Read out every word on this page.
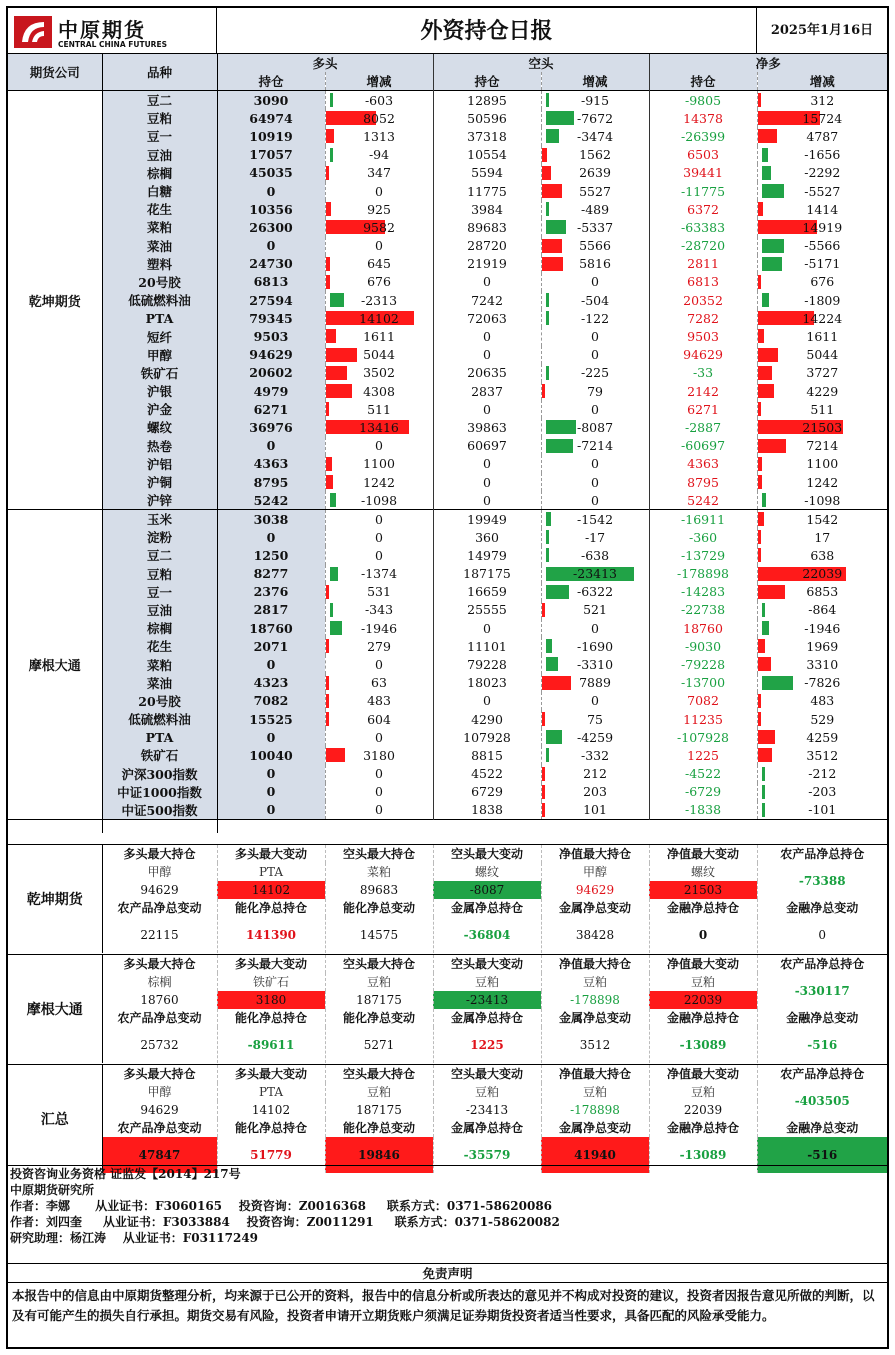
中原期货
CENTRAL CHINA FUTURES
外资持仓日报	2025年1月16日
期货公司	品种	多头		空头		净多	
		持仓	增减	持仓	增减	持仓	增减
乾坤期货	豆二	3090	-603	12895	-915	-9805	312
	豆粕	64974	8052	50596	-7672	14378	15724
	豆一	10919	1313	37318	-3474	-26399	4787
	豆油	17057	-94	10554	1562	6503	-1656
	棕榈	45035	347	5594	2639	39441	-2292
	白糖	0	0	11775	5527	-11775	-5527
	花生	10356	925	3984	-489	6372	1414
	菜粕	26300	9582	89683	-5337	-63383	14919
	菜油	0	0	28720	5566	-28720	-5566
	塑料	24730	645	21919	5816	2811	-5171
	20号胶	6813	676	0	0	6813	676
	低硫燃料油	27594	-2313	7242	-504	20352	-1809
	PTA	79345	14102	72063	-122	7282	14224
	短纤	9503	1611	0	0	9503	1611
	甲醇	94629	5044	0	0	94629	5044
	铁矿石	20602	3502	20635	-225	-33	3727
	沪银	4979	4308	2837	79	2142	4229
	沪金	6271	511	0	0	6271	511
	螺纹	36976	13416	39863	-8087	-2887	21503
	热卷	0	0	60697	-7214	-60697	7214
	沪铝	4363	1100	0	0	4363	1100
	沪铜	8795	1242	0	0	8795	1242
	沪锌	5242	-1098	0	0	5242	-1098
摩根大通	玉米	3038	0	19949	-1542	-16911	1542
	淀粉	0	0	360	-17	-360	17
	豆二	1250	0	14979	-638	-13729	638
	豆粕	8277	-1374	187175	-23413	-178898	22039
	豆一	2376	531	16659	-6322	-14283	6853
	豆油	2817	-343	25555	521	-22738	-864
	棕榈	18760	-1946	0	0	18760	-1946
	花生	2071	279	11101	-1690	-9030	1969
	菜粕	0	0	79228	-3310	-79228	3310
	菜油	4323	63	18023	7889	-13700	-7826
	20号胶	7082	483	0	0	7082	483
	低硫燃料油	15525	604	4290	75	11235	529
	PTA	0	0	107928	-4259	-107928	4259
	铁矿石	10040	3180	8815	-332	1225	3512
	沪深300指数	0	0	4522	212	-4522	-212
	中证1000指数	0	0	6729	203	-6729	-203
	中证500指数	0	0	1838	101	-1838	-101

乾坤期货	多头最大持仓	多头最大变动	空头最大持仓	空头最大变动	净值最大持仓	净值最大变动	农产品净总持仓
	甲醇	PTA	菜粕	螺纹	甲醇	螺纹	-73388
	94629	14102	89683	-8087	94629	21503	
	农产品净总变动	能化净总持仓	能化净总变动	金属净总持仓	金属净总变动	金融净总持仓	金融净总变动
	22115	141390	14575	-36804	38428	0	0
摩根大通	多头最大持仓	多头最大变动	空头最大持仓	空头最大变动	净值最大持仓	净值最大变动	农产品净总持仓
	棕榈	铁矿石	豆粕	豆粕	豆粕	豆粕	-330117
	18760	3180	187175	-23413	-178898	22039	
	农产品净总变动	能化净总持仓	能化净总变动	金属净总持仓	金属净总变动	金融净总持仓	金融净总变动
	25732	-89611	5271	1225	3512	-13089	-516
汇总	多头最大持仓	多头最大变动	空头最大持仓	空头最大变动	净值最大持仓	净值最大变动	农产品净总持仓
	甲醇	PTA	豆粕	豆粕	豆粕	豆粕	-403505
	94629	14102	187175	-23413	-178898	22039	
	农产品净总变动	能化净总持仓	能化净总变动	金属净总持仓	金属净总变动	金融净总持仓	金融净总变动
	47847	51779	19846	-35579	41940	-13089	-516
投资咨询业务资格 证监发【2014】217号
中原期货研究所
作者：李娜      从业证书：F3060165    投资咨询：Z0016368     联系方式：0371-58620086
作者：刘四奎     从业证书：F3033884    投资咨询：Z0011291     联系方式：0371-58620082
研究助理：杨江涛    从业证书：F03117249
免责声明
本报告中的信息由中原期货整理分析，均来源于已公开的资料，报告中的信息分析或所表达的意见并不构成对投资的建议，投资者因报告意见所做的判断，以及有可能产生的损失自行承担。期货交易有风险，投资者申请开立期货账户须满足证券期货投资者适当性要求，具备匹配的风险承受能力。
